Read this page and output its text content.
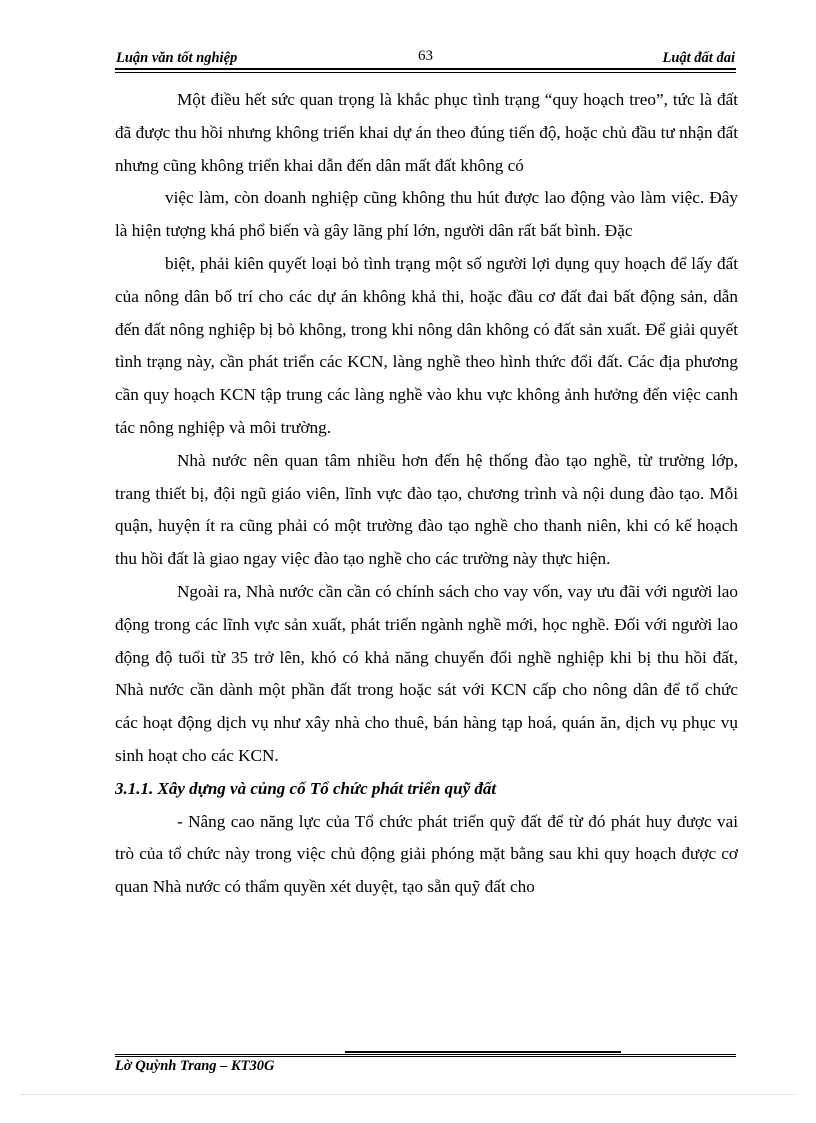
Luận văn tốt nghiệp	63	Luật đất đai

Một điều hết sức quan trọng là khắc phục tình trạng “quy hoạch treo”, tức là đất đã được thu hồi nhưng không triển khai dự án theo đúng tiến độ, hoặc chủ đầu tư nhận đất nhưng cũng không triển khai dẫn đến dân mất đất không có

việc làm, còn doanh nghiệp cũng không thu hút được lao động vào làm việc. Đây là hiện tượng khá phổ biến và gây lãng phí lớn, người dân rất bất bình. Đặc

biệt, phải kiên quyết loại bỏ tình trạng một số người lợi dụng quy hoạch để lấy đất của nông dân bố trí cho các dự án không khả thi, hoặc đầu cơ đất đai bất động sản, dẫn đến đất nông nghiệp bị bỏ không, trong khi nông dân không có đất sản xuất. Để giải quyết tình trạng này, cần phát triển các KCN, làng nghề theo hình thức đổi đất. Các địa phương cần quy hoạch KCN tập trung các làng nghề vào khu vực không ảnh hưởng đến việc canh tác nông nghiệp và môi trường.

Nhà nước nên quan tâm nhiều hơn đến hệ thống đào tạo nghề, từ trường lớp, trang thiết bị, đội ngũ giáo viên, lĩnh vực đào tạo, chương trình và nội dung đào tạo. Mỗi quận, huyện ít ra cũng phải có một trường đào tạo nghề cho thanh niên, khi có kế hoạch thu hồi đất là giao ngay việc đào tạo nghề cho các trường này thực hiện.

Ngoài ra, Nhà nước cần cần có chính sách cho vay vốn, vay ưu đãi với người lao động trong các lĩnh vực sản xuất, phát triển ngành nghề mới, học nghề. Đối với người lao động độ tuổi từ 35 trở lên, khó có khả năng chuyển đổi nghề nghiệp khi bị thu hồi đất, Nhà nước cần dành một phần đất trong hoặc sát với KCN cấp cho nông dân để tổ chức các hoạt động dịch vụ như xây nhà cho thuê, bán hàng tạp hoá, quán ăn, dịch vụ phục vụ sinh hoạt cho các KCN.

3.1.1. Xây dựng và củng cố Tổ chức phát triển quỹ đất

- Nâng cao năng lực của Tổ chức phát triển quỹ đất để từ đó phát huy được vai trò của tổ chức này trong việc chủ động giải phóng mặt bằng sau khi quy hoạch được cơ quan Nhà nước có thẩm quyền xét duyệt, tạo sẵn quỹ đất cho

Lờ Quỳnh Trang – KT30G
